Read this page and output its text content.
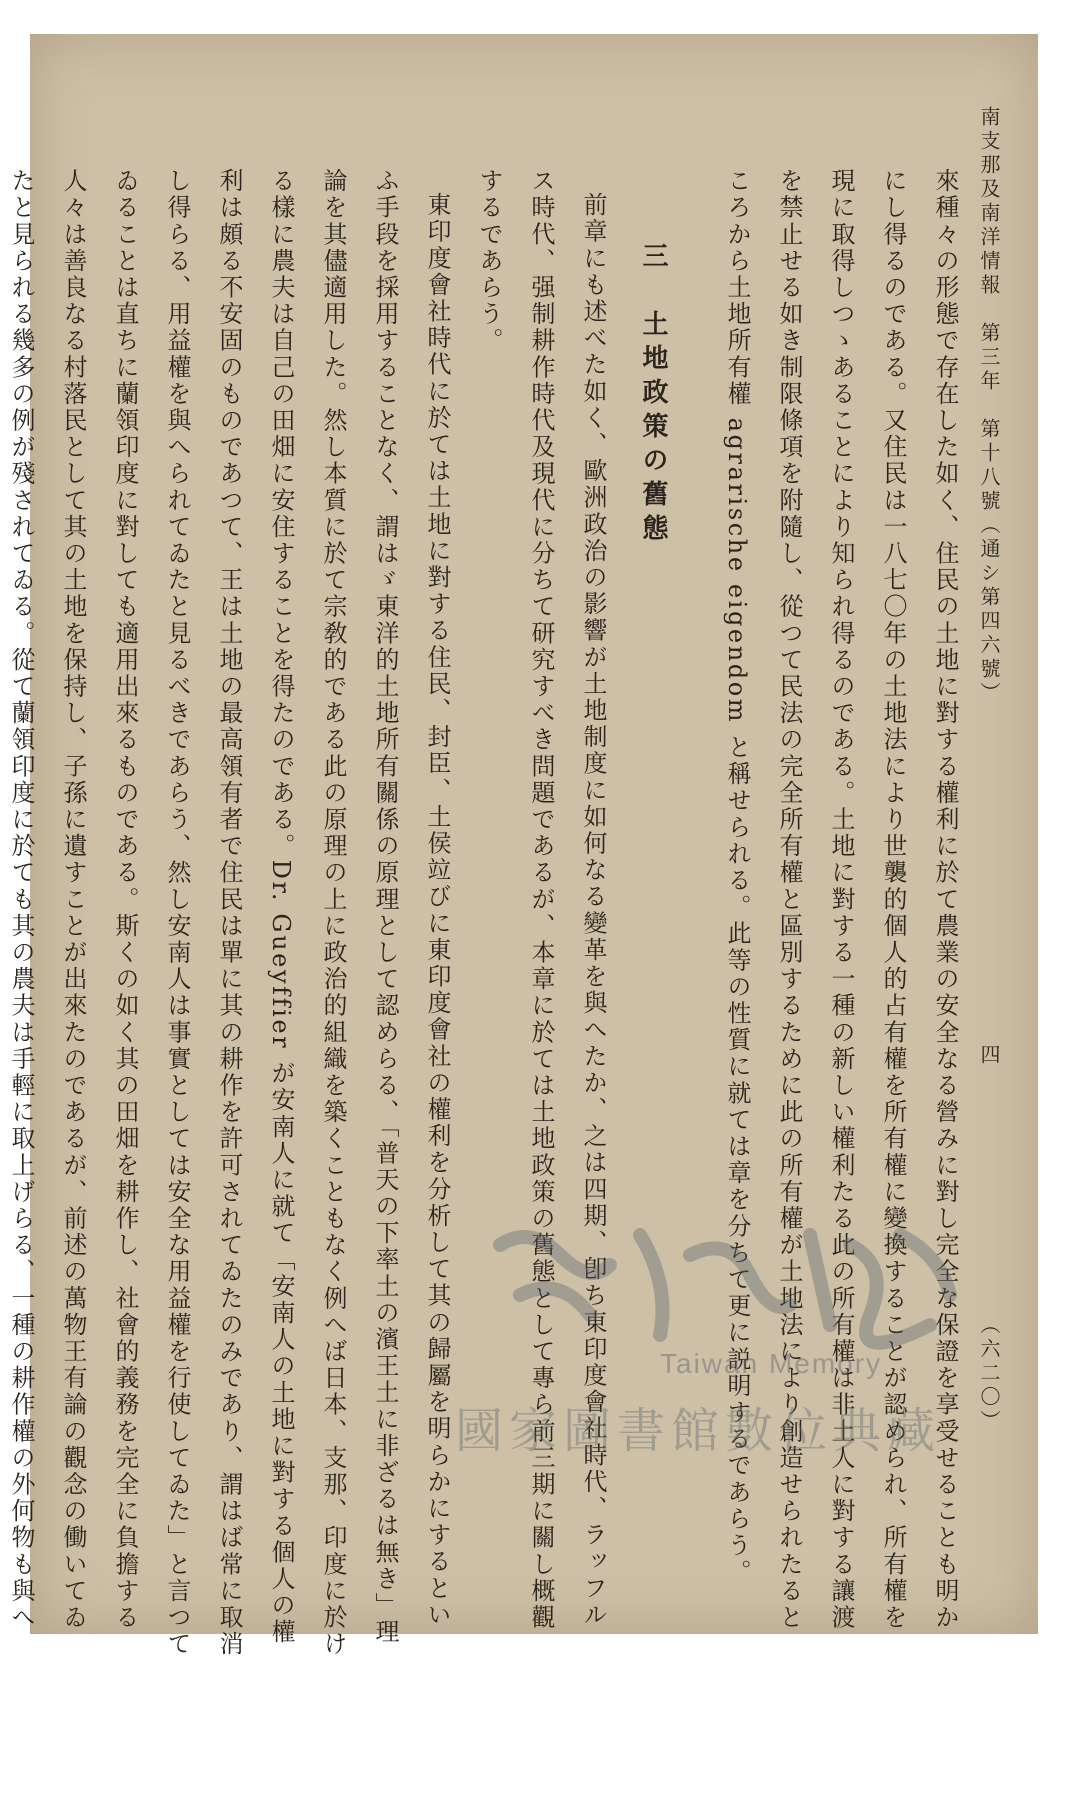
南支那及南洋情報　第三年　第十八號（通シ第四六號）
四
（六二〇）
來種々の形態で存在した如く、住民の土地に對する權利に於て農業の安全なる營みに對し完全な保證を享受せることも明か
にし得るのである。又住民は一八七〇年の土地法により世襲的個人的占有權を所有權に變換することが認められ、所有權を
現に取得しつゝあることにより知られ得るのである。土地に對する一種の新しい權利たる此の所有權は非土人に對する讓渡
を禁止せる如き制限條項を附隨し、從つて民法の完全所有權と區別するために此の所有權が土地法により創造せられたると
ころから土地所有權 agrarische eigendom と稱せられる。此等の性質に就ては章を分ちて更に説明するであらう。
三　土地政策の舊態
前章にも述べた如く、歐洲政治の影響が土地制度に如何なる變革を與へたか、之は四期、卽ち東印度會社時代、ラッフル
ス時代、强制耕作時代及現代に分ちて研究すべき問題であるが、本章に於ては土地政策の舊態として專ら前三期に關し概觀
するであらう。
東印度會社時代に於ては土地に對する住民、封臣、土侯竝びに東印度會社の權利を分析して其の歸屬を明らかにするとい
ふ手段を採用することなく、謂はゞ東洋的土地所有關係の原理として認めらる、「普天の下率土の濱王土に非ざるは無き」理
論を其儘適用した。然し本質に於て宗敎的である此の原理の上に政治的組織を築くこともなく例へば日本、支那、印度に於け
る樣に農夫は自己の田畑に安住することを得たのである。Dr. Gueyffier が安南人に就て「安南人の土地に對する個人の權
利は頗る不安固のものであつて、王は土地の最高領有者で住民は單に其の耕作を許可されてゐたのみであり、謂はば常に取消
し得らる、用益權を與へられてゐたと見るべきであらう、然し安南人は事實としては安全な用益權を行使してゐた」と言つて
ゐることは直ちに蘭領印度に對しても適用出來るものである。斯くの如く其の田畑を耕作し、社會的義務を完全に負擔する
人々は善良なる村落民として其の土地を保持し、子孫に遺すことが出來たのであるが、前述の萬物王有論の觀念の働いてゐ
たと見られる幾多の例が殘されてゐる。從て蘭領印度に於ても其の農夫は手輕に取上げらる、一種の耕作權の外何物も與へ	Taiwan Memory
國家圖書館數位典藏
